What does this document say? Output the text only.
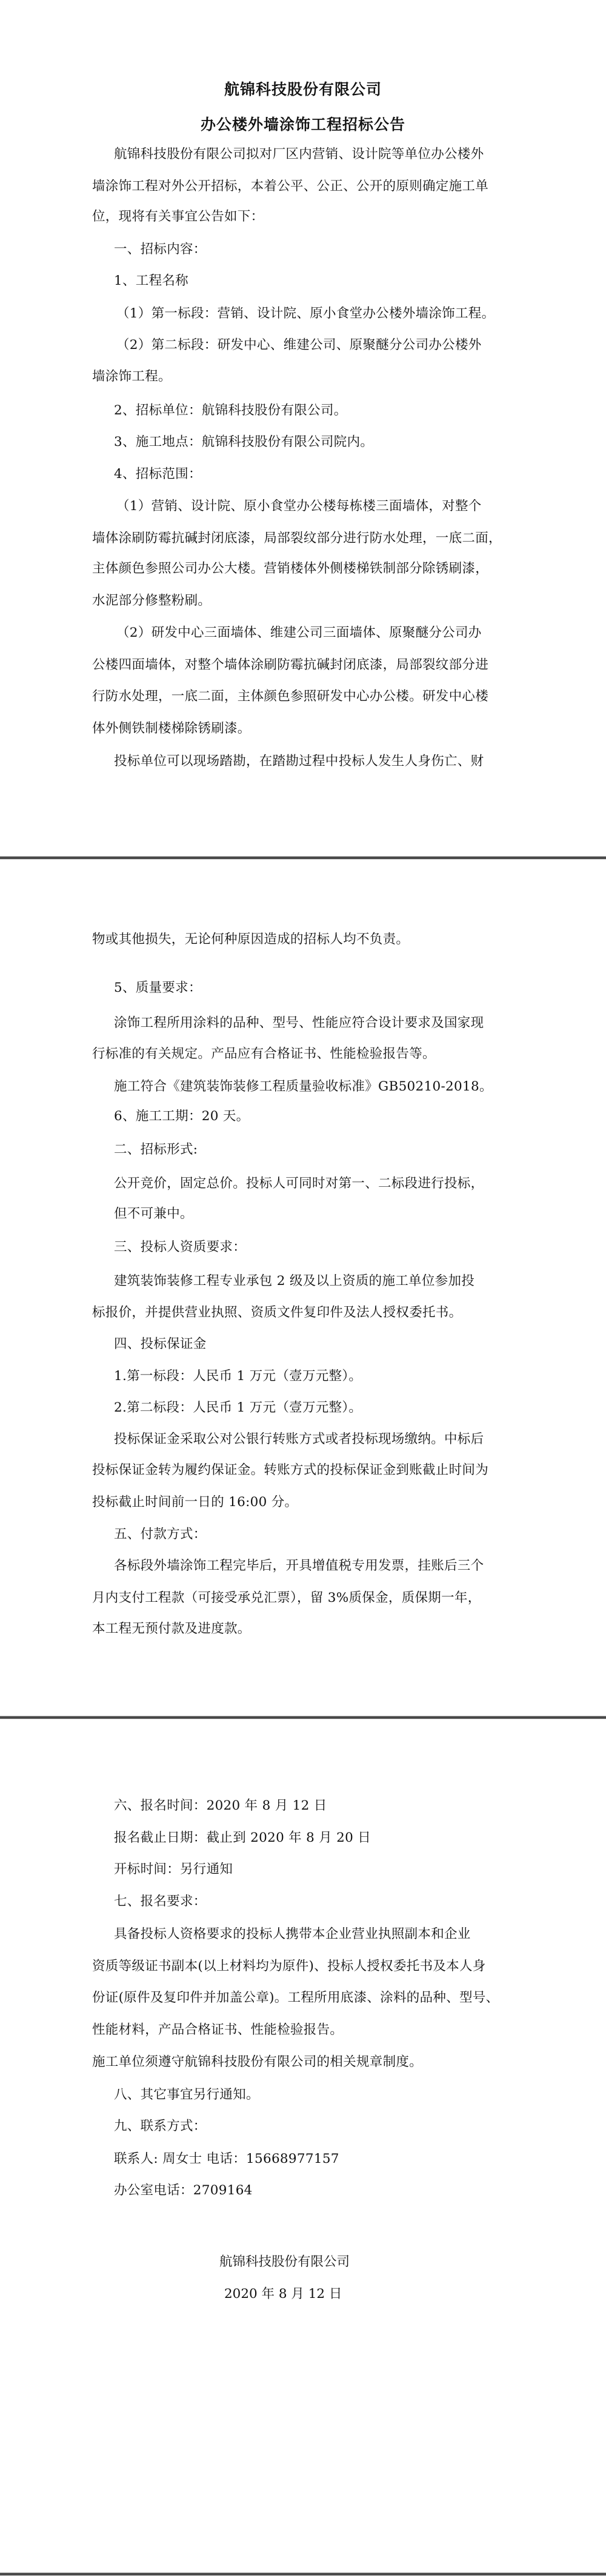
航锦科技股份有限公司
办公楼外墙涂饰工程招标公告
航锦科技股份有限公司拟对厂区内营销、设计院等单位办公楼外
墙涂饰工程对外公开招标，本着公平、公正、公开的原则确定施工单
位，现将有关事宜公告如下：
一、招标内容：
1、工程名称
（1）第一标段：营销、设计院、原小食堂办公楼外墙涂饰工程。
（2）第二标段：研发中心、维建公司、原聚醚分公司办公楼外
墙涂饰工程。
2、招标单位：航锦科技股份有限公司。
3、施工地点：航锦科技股份有限公司院内。
4、招标范围：
（1）营销、设计院、原小食堂办公楼每栋楼三面墙体，对整个
墙体涂刷防霉抗碱封闭底漆，局部裂纹部分进行防水处理，一底二面，
主体颜色参照公司办公大楼。营销楼体外侧楼梯铁制部分除锈刷漆，
水泥部分修整粉刷。
（2）研发中心三面墙体、维建公司三面墙体、原聚醚分公司办
公楼四面墙体，对整个墙体涂刷防霉抗碱封闭底漆，局部裂纹部分进
行防水处理，一底二面，主体颜色参照研发中心办公楼。研发中心楼
体外侧铁制楼梯除锈刷漆。
投标单位可以现场踏勘，在踏勘过程中投标人发生人身伤亡、财
物或其他损失，无论何种原因造成的招标人均不负责。
5、质量要求：
涂饰工程所用涂料的品种、型号、性能应符合设计要求及国家现
行标准的有关规定。产品应有合格证书、性能检验报告等。
施工符合《建筑装饰装修工程质量验收标准》GB50210-2018。
6、施工工期：20 天。
二、招标形式:
公开竞价，固定总价。投标人可同时对第一、二标段进行投标，
但不可兼中。
三、投标人资质要求：
建筑装饰装修工程专业承包 2 级及以上资质的施工单位参加投
标报价，并提供营业执照、资质文件复印件及法人授权委托书。
四、投标保证金
1.第一标段：人民币 1 万元（壹万元整）。
2.第二标段：人民币 1 万元（壹万元整）。
投标保证金采取公对公银行转账方式或者投标现场缴纳。中标后
投标保证金转为履约保证金。转账方式的投标保证金到账截止时间为
投标截止时间前一日的 16:00 分。
五、付款方式：
各标段外墙涂饰工程完毕后，开具增值税专用发票，挂账后三个
月内支付工程款（可接受承兑汇票），留 3%质保金，质保期一年，
本工程无预付款及进度款。
六、报名时间：2020 年 8 月 12 日
报名截止日期：截止到 2020 年 8 月 20 日
开标时间：另行通知
七、报名要求：
具备投标人资格要求的投标人携带本企业营业执照副本和企业
资质等级证书副本(以上材料均为原件)、投标人授权委托书及本人身
份证(原件及复印件并加盖公章)。工程所用底漆、涂料的品种、型号、
性能材料，产品合格证书、性能检验报告。
施工单位须遵守航锦科技股份有限公司的相关规章制度。
八、其它事宜另行通知。
九、联系方式：
联系人: 周女士 电话：15668977157
办公室电话：2709164
航锦科技股份有限公司
2020 年 8 月 12 日
